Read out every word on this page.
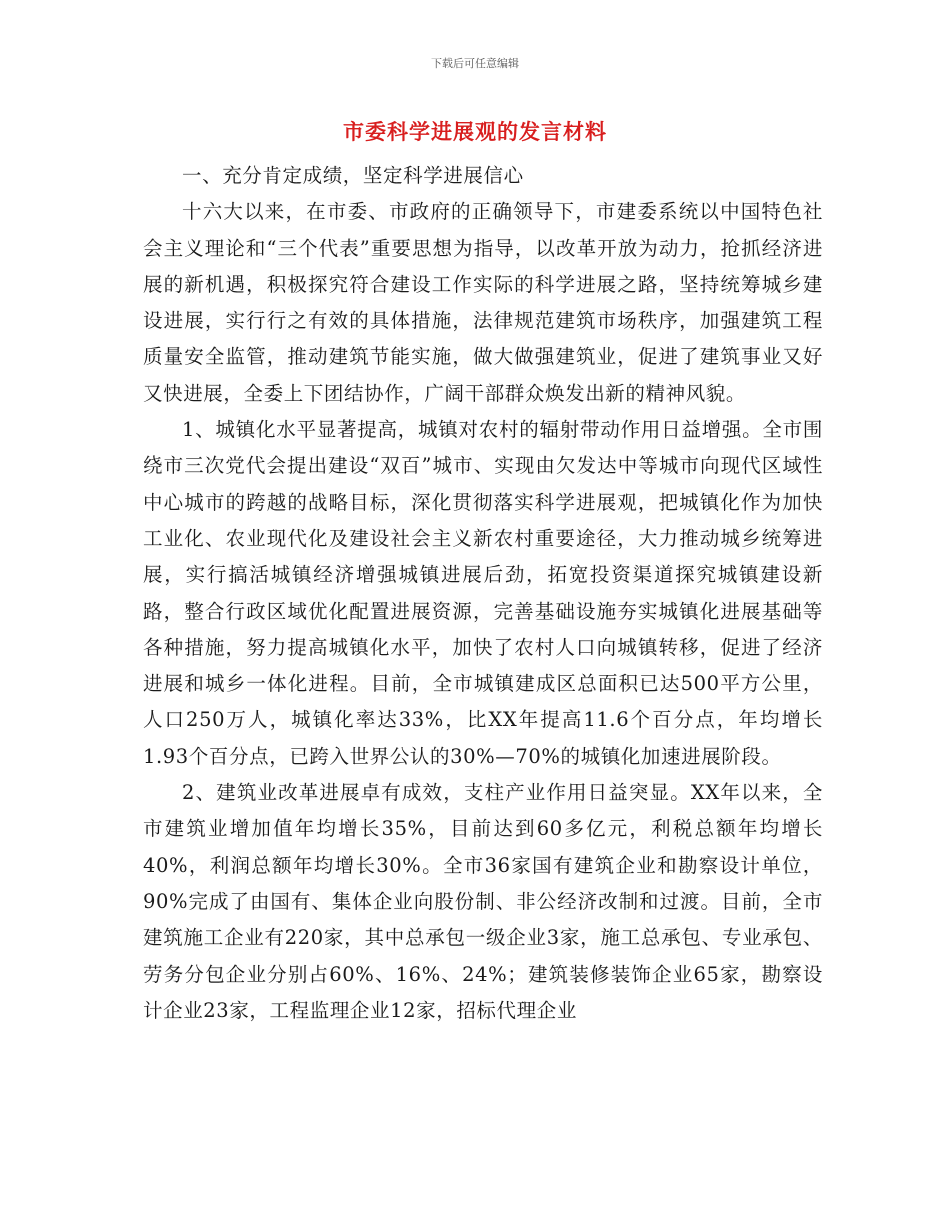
下载后可任意编辑
市委科学进展观的发言材料

一、充分肯定成绩，坚定科学进展信心

十六大以来，在市委、市政府的正确领导下，市建委系统以中国特色社会主义理论和“三个代表”重要思想为指导，以改革开放为动力，抢抓经济进展的新机遇，积极探究符合建设工作实际的科学进展之路，坚持统筹城乡建设进展，实行行之有效的具体措施，法律规范建筑市场秩序，加强建筑工程质量安全监管，推动建筑节能实施，做大做强建筑业，促进了建筑事业又好又快进展，全委上下团结协作，广阔干部群众焕发出新的精神风貌。

1、城镇化水平显著提高，城镇对农村的辐射带动作用日益增强。全市围绕市三次党代会提出建设“双百”城市、实现由欠发达中等城市向现代区域性中心城市的跨越的战略目标，深化贯彻落实科学进展观，把城镇化作为加快工业化、农业现代化及建设社会主义新农村重要途径，大力推动城乡统筹进展，实行搞活城镇经济增强城镇进展后劲，拓宽投资渠道探究城镇建设新路，整合行政区域优化配置进展资源，完善基础设施夯实城镇化进展基础等各种措施，努力提高城镇化水平，加快了农村人口向城镇转移，促进了经济进展和城乡一体化进程。目前，全市城镇建成区总面积已达500平方公里，人口250万人，城镇化率达33%，比XX年提高11.6个百分点，年均增长1.93个百分点，已跨入世界公认的30%—70%的城镇化加速进展阶段。

2、建筑业改革进展卓有成效，支柱产业作用日益突显。XX年以来，全市建筑业增加值年均增长35%，目前达到60多亿元，利税总额年均增长40%，利润总额年均增长30%。全市36家国有建筑企业和勘察设计单位，90%完成了由国有、集体企业向股份制、非公经济改制和过渡。目前，全市建筑施工企业有220家，其中总承包一级企业3家，施工总承包、专业承包、劳务分包企业分别占60%、16%、24%；建筑装修装饰企业65家，勘察设计企业23家，工程监理企业12家，招标代理企业
